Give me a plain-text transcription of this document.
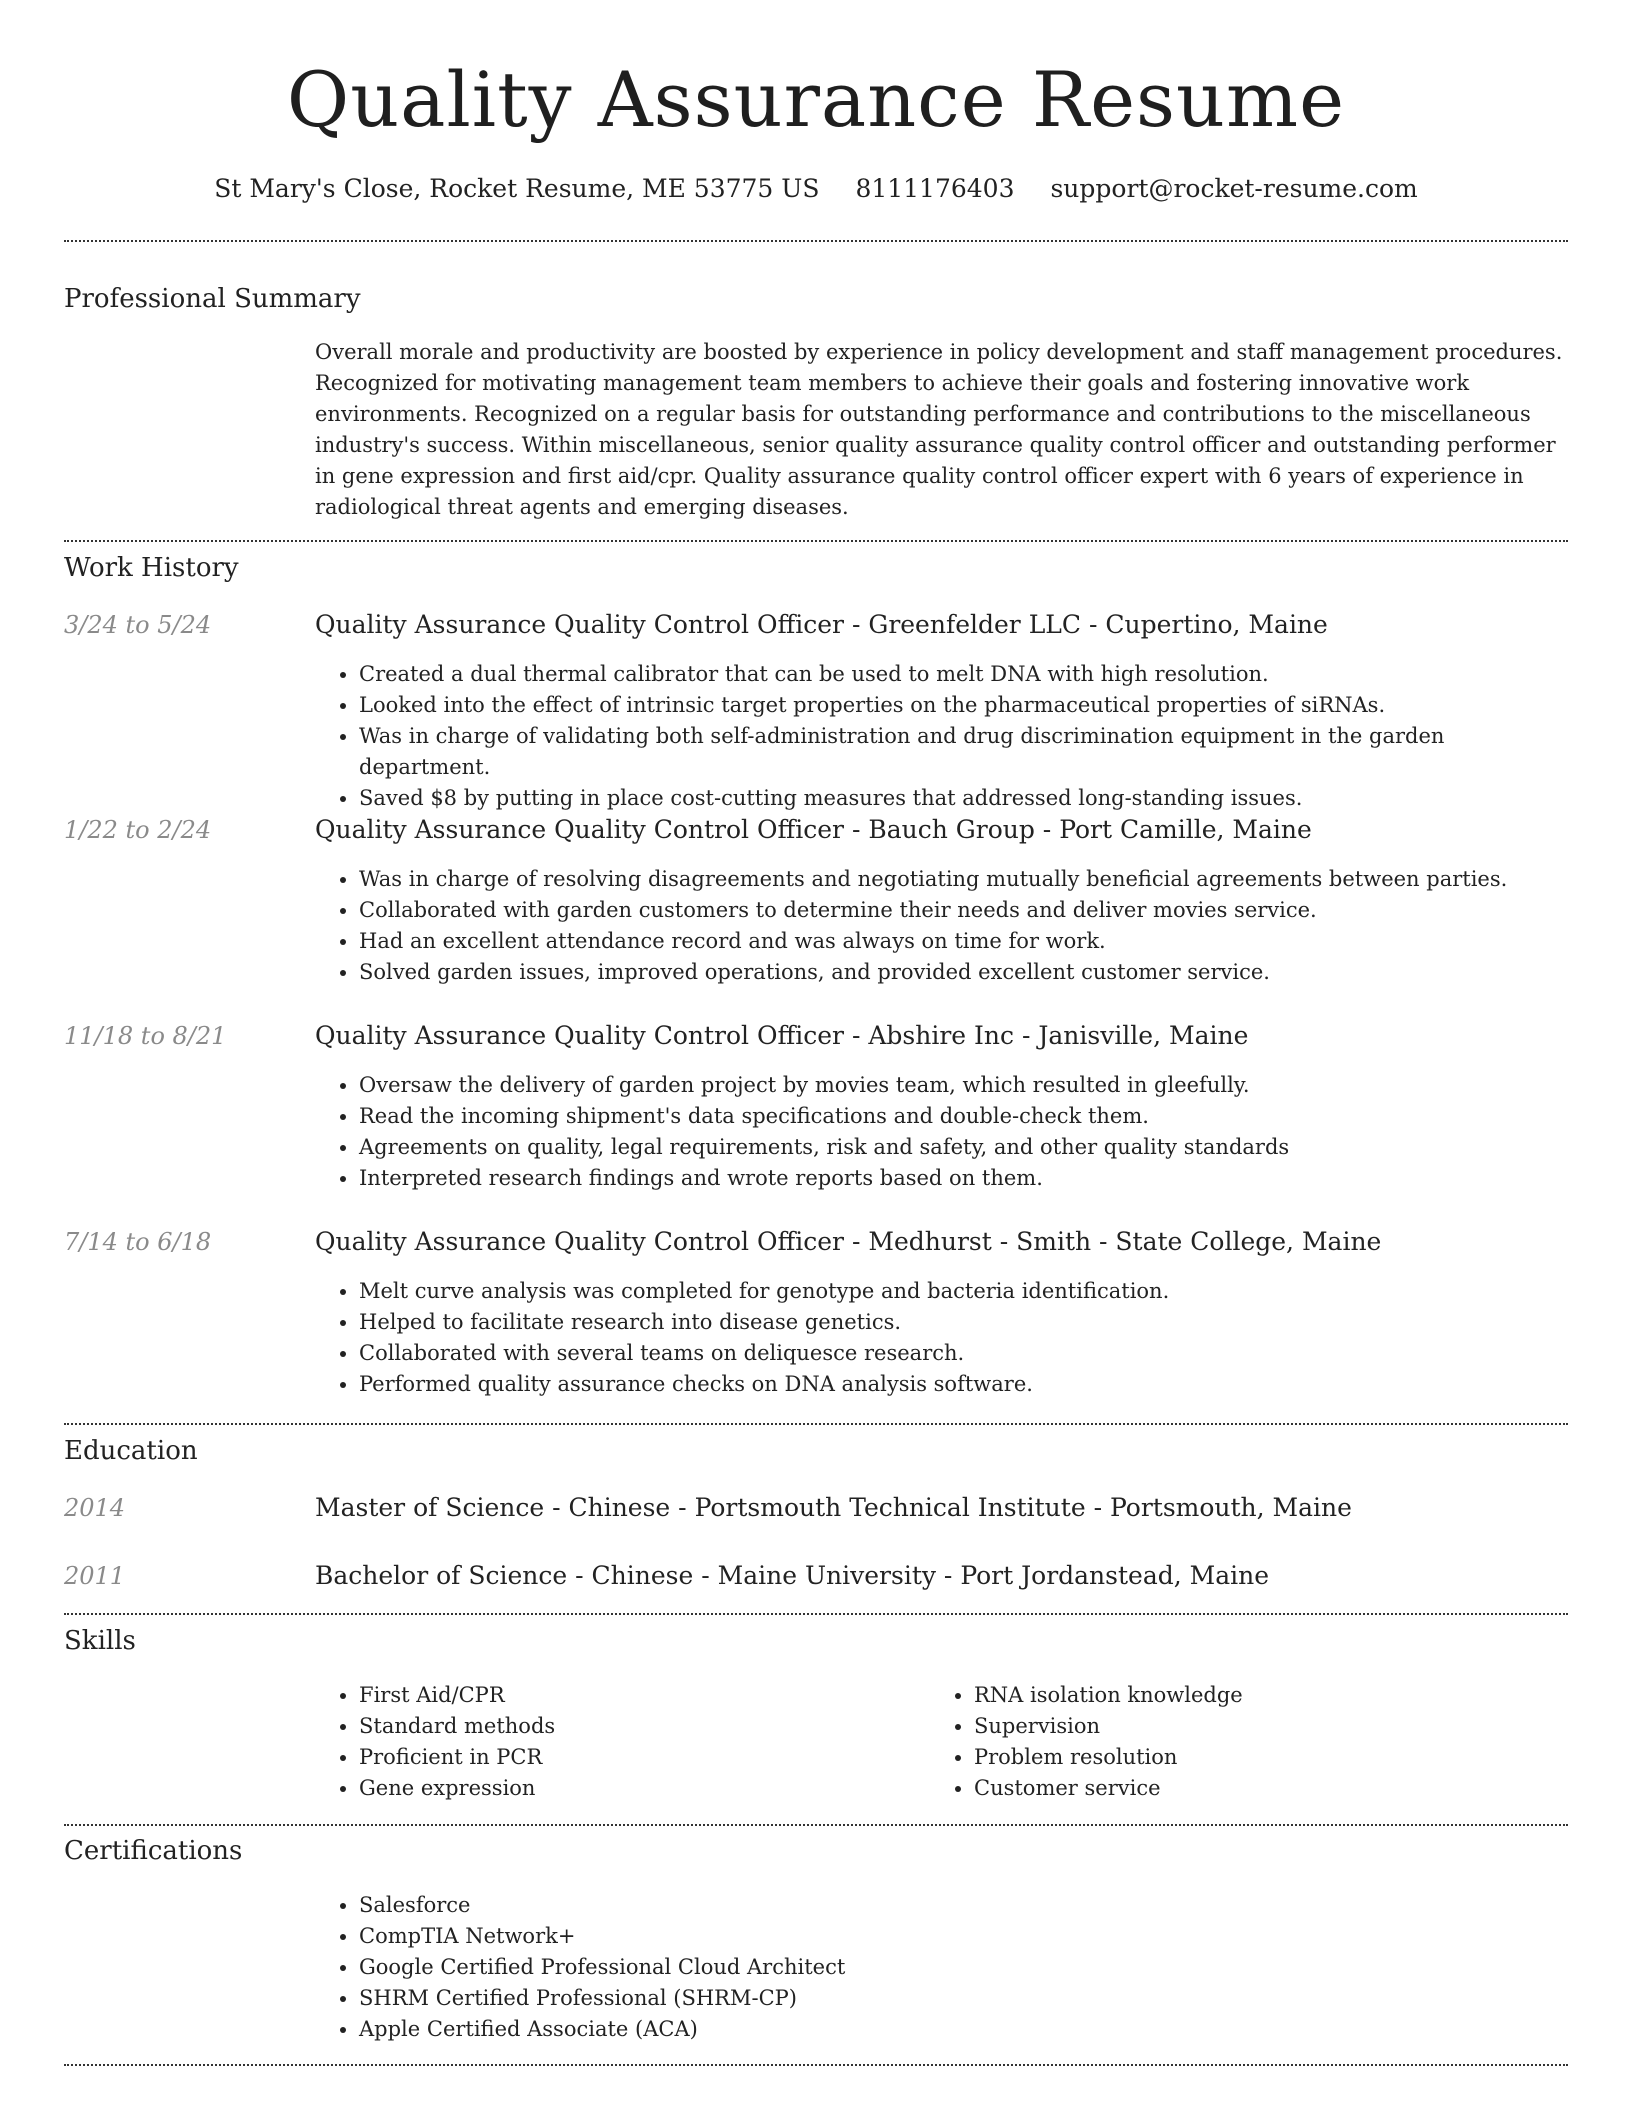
Quality Assurance Resume
St Mary's Close, Rocket Resume, ME 53775 US 8111176403 support@rocket-resume.com
Professional Summary

Overall morale and productivity are boosted by experience in policy development and staff management procedures. Recognized for motivating management team members to achieve their goals and fostering innovative work environments. Recognized on a regular basis for outstanding performance and contributions to the miscellaneous industry's success. Within miscellaneous, senior quality assurance quality control officer and outstanding performer in gene expression and first aid/cpr. Quality assurance quality control officer expert with 6 years of experience in radiological threat agents and emerging diseases.

Work History
3/24 to 5/24	Quality Assurance Quality Control Officer - Greenfelder LLC - Cupertino, Maine
• Created a dual thermal calibrator that can be used to melt DNA with high resolution.
• Looked into the effect of intrinsic target properties on the pharmaceutical properties of siRNAs.
• Was in charge of validating both self-administration and drug discrimination equipment in the garden department.
• Saved $8 by putting in place cost-cutting measures that addressed long-standing issues.
1/22 to 2/24	Quality Assurance Quality Control Officer - Bauch Group - Port Camille, Maine
• Was in charge of resolving disagreements and negotiating mutually beneficial agreements between parties.
• Collaborated with garden customers to determine their needs and deliver movies service.
• Had an excellent attendance record and was always on time for work.
• Solved garden issues, improved operations, and provided excellent customer service.
11/18 to 8/21	Quality Assurance Quality Control Officer - Abshire Inc - Janisville, Maine
• Oversaw the delivery of garden project by movies team, which resulted in gleefully.
• Read the incoming shipment's data specifications and double-check them.
• Agreements on quality, legal requirements, risk and safety, and other quality standards
• Interpreted research findings and wrote reports based on them.
7/14 to 6/18	Quality Assurance Quality Control Officer - Medhurst - Smith - State College, Maine
• Melt curve analysis was completed for genotype and bacteria identification.
• Helped to facilitate research into disease genetics.
• Collaborated with several teams on deliquesce research.
• Performed quality assurance checks on DNA analysis software.
Education
2014	Master of Science - Chinese - Portsmouth Technical Institute - Portsmouth, Maine
2011	Bachelor of Science - Chinese - Maine University - Port Jordanstead, Maine
Skills
• First Aid/CPR
• Standard methods
• Proficient in PCR
• Gene expression
• RNA isolation knowledge
• Supervision
• Problem resolution
• Customer service
Certifications
• Salesforce
• CompTIA Network+
• Google Certified Professional Cloud Architect
• SHRM Certified Professional (SHRM-CP)
• Apple Certified Associate (ACA)
